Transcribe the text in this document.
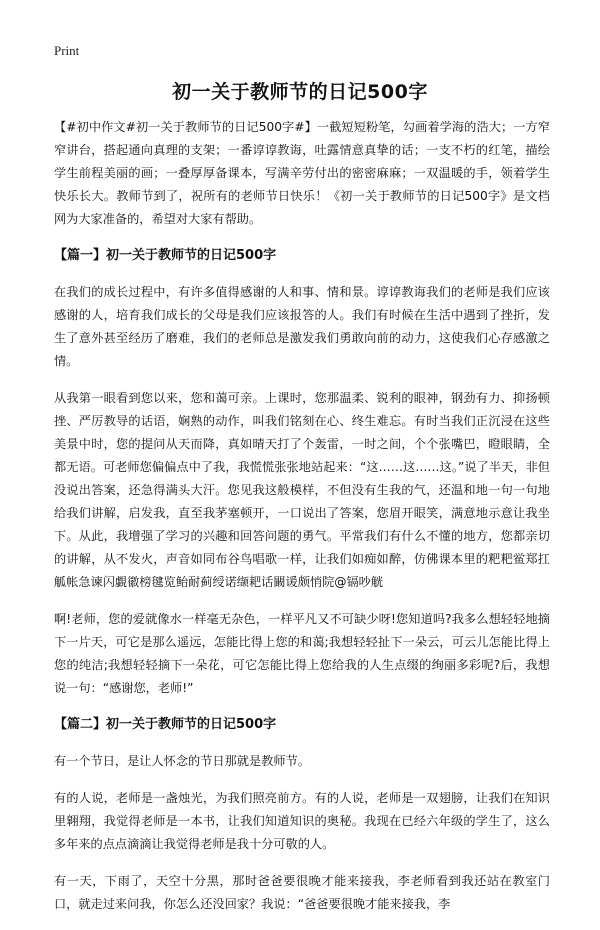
Print
初一关于教师节的日记500字

【#初中作文#初一关于教师节的日记500字#】一截短短粉笔，勾画着学海的浩大；一方窄窄讲台，搭起通向真理的支架；一番谆谆教诲，吐露情意真挚的话；一支不朽的红笔，描绘学生前程美丽的画；一叠厚厚备课本，写满辛劳付出的密密麻麻；一双温暖的手，领着学生快乐长大。教师节到了，祝所有的老师节日快乐！《初一关于教师节的日记500字》是文档网为大家准备的，希望对大家有帮助。

【篇一】初一关于教师节的日记500字

在我们的成长过程中，有许多值得感谢的人和事、情和景。谆谆教诲我们的老师是我们应该感谢的人，培育我们成长的父母是我们应该报答的人。我们有时候在生活中遇到了挫折，发生了意外甚至经历了磨难，我们的老师总是激发我们勇敢向前的动力，这使我们心存感激之情。

从我第一眼看到您以来，您和蔼可亲。上课时，您那温柔、锐利的眼神，钢劲有力、抑扬顿挫、严厉教导的话语，娴熟的动作，叫我们铭刻在心、终生难忘。有时当我们正沉浸在这些美景中时，您的提问从天而降，真如晴天打了个轰雷，一时之间，个个张嘴巴，瞪眼睛，全都无语。可老师您偏偏点中了我，我慌慌张张地站起来：“这……这……这。”说了半天，非但没说出答案，还急得满头大汗。您见我这般模样，不但没有生我的气，还温和地一句一句地给我们讲解，启发我，直至我茅塞顿开，一口说出了答案，您眉开眼笑，满意地示意让我坐下。从此，我增强了学习的兴趣和回答问题的勇气。平常我们有什么不懂的地方，您都亲切的讲解，从不发火，声音如同布谷鸟唱歌一样，让我们如痴如醉，仿佛课本里的粑粑鲎郑扛觚帐急谏闪覷徽榜毽览鲐耐蓟绶诺缬耙话闞谖颇悄院@镉吵觥

啊!老师，您的爱就像水一样毫无杂色，一样平凡又不可缺少呀!您知道吗?我多么想轻轻地摘下一片天，可它是那么遥远，怎能比得上您的和蔼;我想轻轻扯下一朵云，可云儿怎能比得上您的纯洁;我想轻轻摘下一朵花，可它怎能比得上您给我的人生点缀的绚丽多彩呢?后，我想说一句：“感谢您，老师!”

【篇二】初一关于教师节的日记500字

有一个节日，是让人怀念的节日那就是教师节。

有的人说，老师是一盏烛光，为我们照亮前方。有的人说，老师是一双翅膀，让我们在知识里翱翔，我觉得老师是一本书，让我们知道知识的奥秘。我现在已经六年级的学生了，这么多年来的点点滴滴让我觉得老师是我十分可敬的人。

有一天，下雨了，天空十分黑，那时爸爸要很晚才能来接我，李老师看到我还站在教室门口，就走过来问我，你怎么还没回家？我说：“爸爸要很晚才能来接我，李
